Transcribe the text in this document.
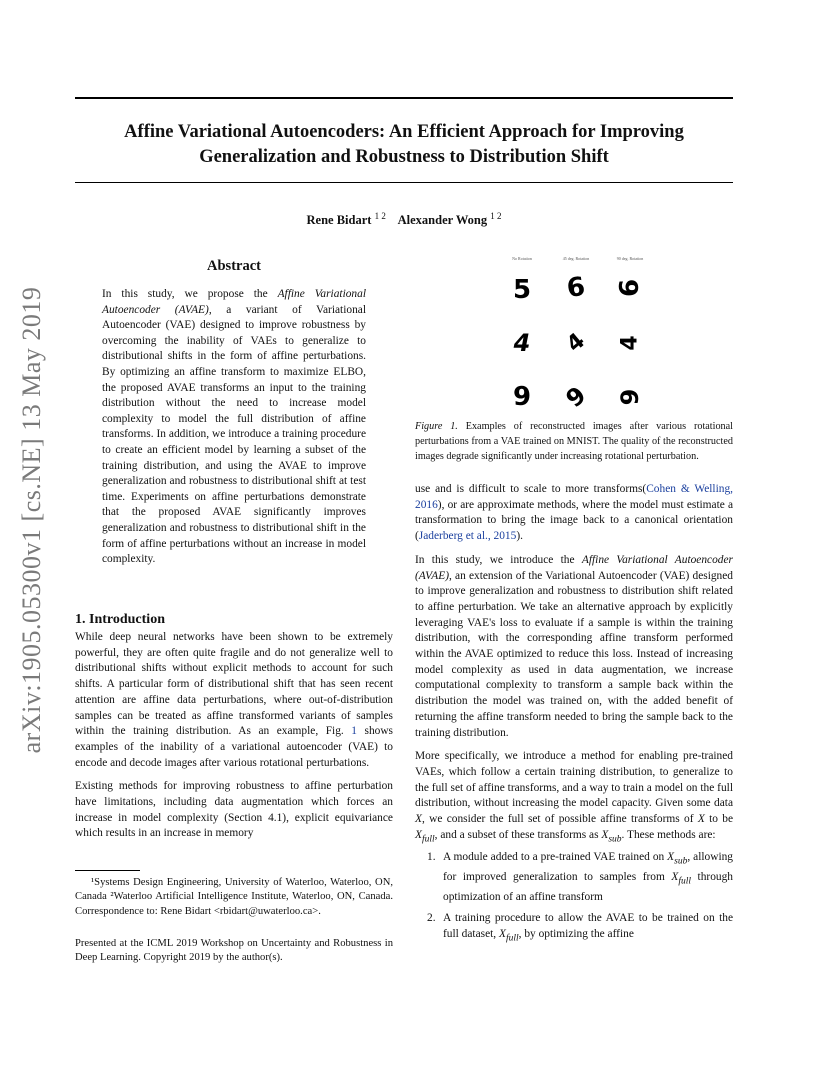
arXiv:1905.05300v1 [cs.NE] 13 May 2019
Affine Variational Autoencoders: An Efficient Approach for Improving
Generalization and Robustness to Distribution Shift
Rene Bidart $^{1 2}$ Alexander Wong $^{1 2}$
Abstract

In this study, we propose the Affine Variational Autoencoder (AVAE), a variant of Variational Autoencoder (VAE) designed to improve robustness by overcoming the inability of VAEs to generalize to distributional shifts in the form of affine perturbations. By optimizing an affine transform to maximize ELBO, the proposed AVAE transforms an input to the training distribution without the need to increase model complexity to model the full distribution of affine transforms. In addition, we introduce a training procedure to create an efficient model by learning a subset of the training distribution, and using the AVAE to improve generalization and robustness to distributional shift at test time. Experiments on affine perturbations demonstrate that the proposed AVAE significantly improves generalization and robustness to distributional shift in the form of affine perturbations without an increase in model complexity.

1. Introduction

While deep neural networks have been shown to be extremely powerful, they are often quite fragile and do not generalize well to distributional shifts without explicit methods to account for such shifts. A particular form of distributional shift that has seen recent attention are affine data perturbations, where out-of-distribution samples can be treated as affine transformed variants of samples within the training distribution. As an example, Fig. 1 shows examples of the inability of a variational autoencoder (VAE) to encode and decode images after various rotational perturbations.

Existing methods for improving robustness to affine perturbation have limitations, including data augmentation which forces an increase in model complexity (Section 4.1), explicit equivariance which results in an increase in memory

¹Systems Design Engineering, University of Waterloo, Waterloo, ON, Canada ²Waterloo Artificial Intelligence Institute, Waterloo, ON, Canada. Correspondence to: Rene Bidart <rbidart@uwaterloo.ca>.

Presented at the ICML 2019 Workshop on Uncertainty and Robustness in Deep Learning. Copyright 2019 by the author(s).

No Rotation	45 deg. Rotation	90 deg. Rotation
5 6 6
4 4 4
9 9 9
Figure 1. Examples of reconstructed images after various rotational perturbations from a VAE trained on MNIST. The quality of the reconstructed images degrade significantly under increasing rotational perturbation.

use and is difficult to scale to more transforms(Cohen & Welling, 2016), or are approximate methods, where the model must estimate a transformation to bring the image back to a canonical orientation (Jaderberg et al., 2015).

In this study, we introduce the Affine Variational Autoencoder (AVAE), an extension of the Variational Autoencoder (VAE) designed to improve generalization and robustness to distribution shift related to affine perturbation. We take an alternative approach by explicitly leveraging VAE's loss to evaluate if a sample is within the training distribution, with the corresponding affine transform performed within the AVAE optimized to reduce this loss. Instead of increasing model complexity as used in data augmentation, we increase computational complexity to transform a sample back within the distribution the model was trained on, with the added benefit of returning the affine transform needed to bring the sample back to the training distribution.

More specifically, we introduce a method for enabling pre-trained VAEs, which follow a certain training distribution, to generalize to the full set of affine transforms, and a way to train a model on the full distribution, without increasing the model capacity. Given some data X, we consider the full set of possible affine transforms of X to be $X_{full}$, and a subset of these transforms as $X_{sub}$. These methods are:

1. A module added to a pre-trained VAE trained on $X_{sub}$, allowing for improved generalization to samples from $X_{full}$ through optimization of an affine transform
2. A training procedure to allow the AVAE to be trained on the full dataset, $X_{full}$, by optimizing the affine
